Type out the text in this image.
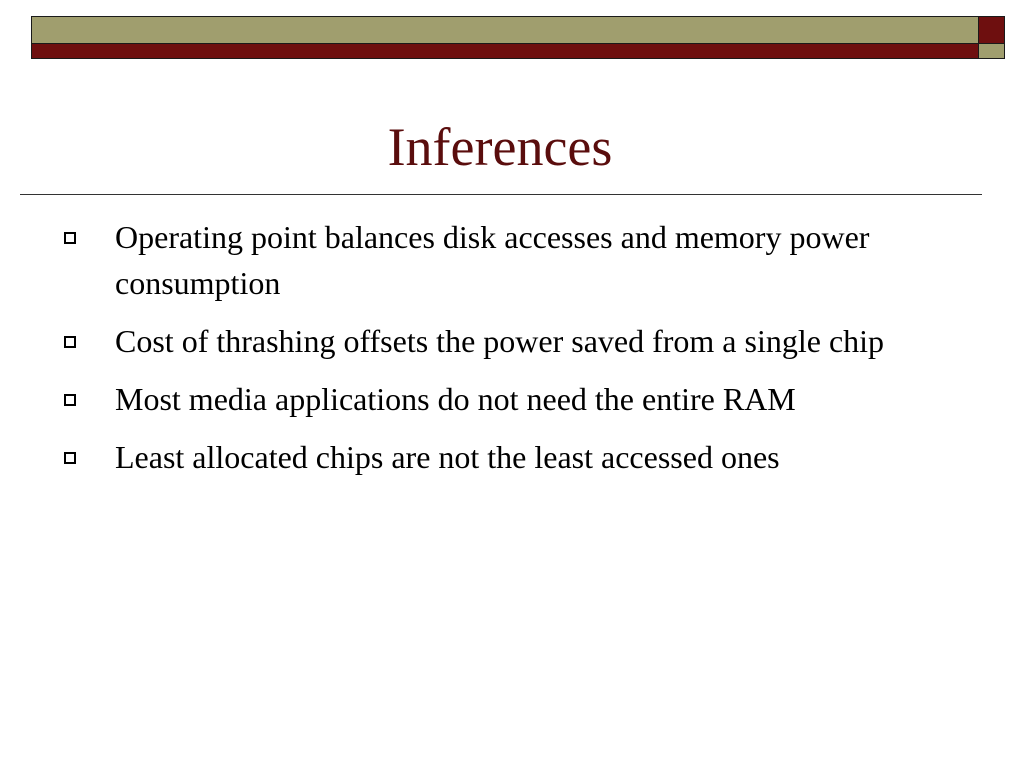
Inferences
Operating point balances disk accesses and memory power consumption
Cost of thrashing offsets the power saved from a single chip
Most media applications do not need the entire RAM
Least allocated chips are not the least accessed ones
